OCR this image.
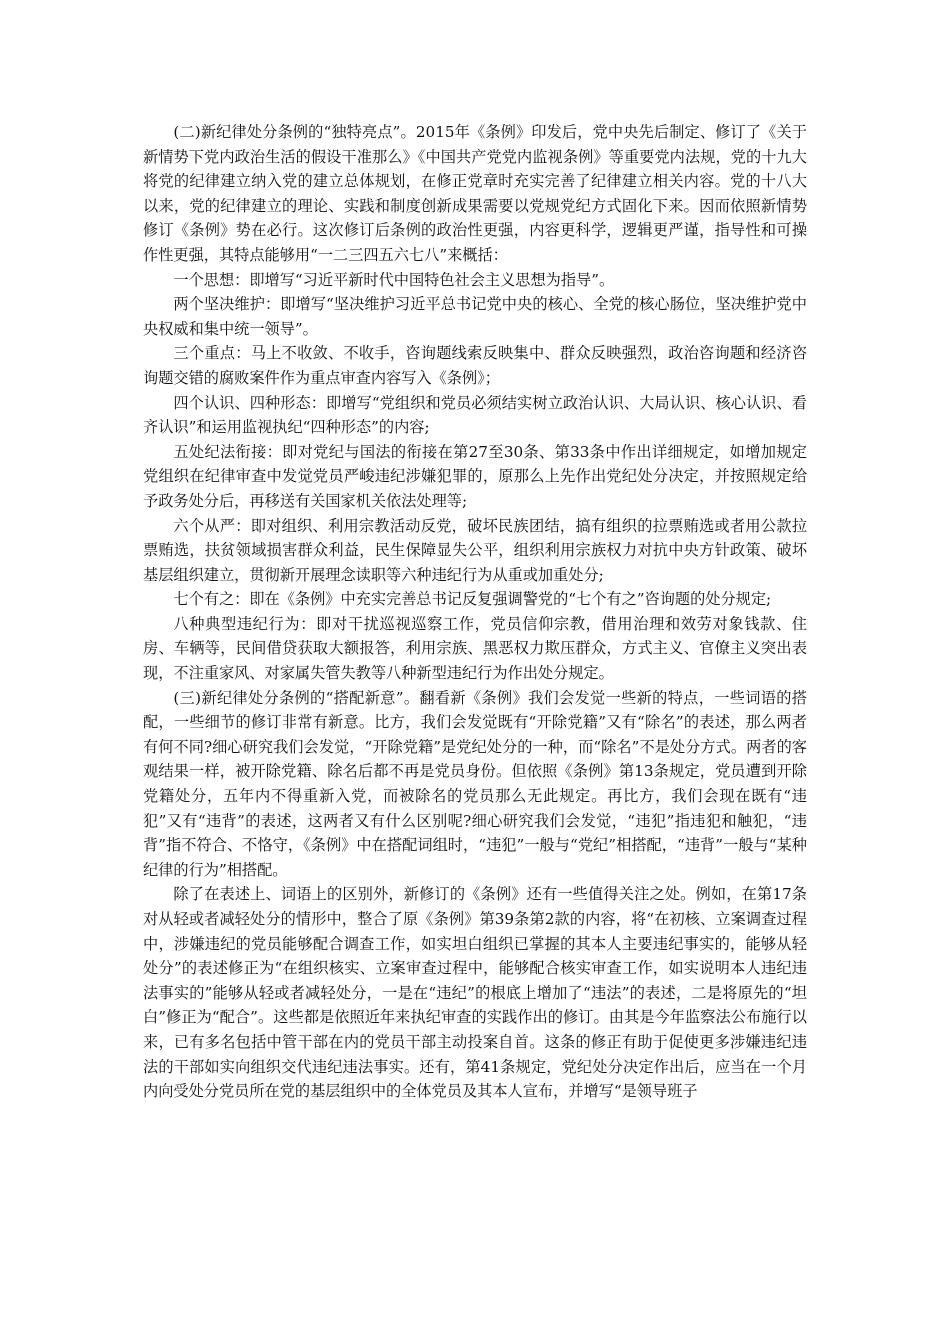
(二)新纪律处分条例的“独特亮点”。2015年《条例》印发后，党中央先后制定、修订了《关于新情势下党内政治生活的假设干准那么》《中国共产党党内监视条例》等重要党内法规，党的十九大将党的纪律建立纳入党的建立总体规划，在修正党章时充实完善了纪律建立相关内容。党的十八大以来，党的纪律建立的理论、实践和制度创新成果需要以党规党纪方式固化下来。因而依照新情势修订《条例》势在必行。这次修订后条例的政治性更强，内容更科学，逻辑更严谨，指导性和可操作性更强，其特点能够用“一二三四五六七八”来概括：

一个思想：即增写“习近平新时代中国特色社会主义思想为指导”。

两个坚决维护：即增写“坚决维护习近平总书记党中央的核心、全党的核心肠位，坚决维护党中央权威和集中统一领导”。

三个重点：马上不收敛、不收手，咨询题线索反映集中、群众反映强烈，政治咨询题和经济咨询题交错的腐败案件作为重点审查内容写入《条例》；

四个认识、四种形态：即增写“党组织和党员必须结实树立政治认识、大局认识、核心认识、看齐认识”和运用监视执纪“四种形态”的内容;

五处纪法衔接：即对党纪与国法的衔接在第27至30条、第33条中作出详细规定，如增加规定党组织在纪律审查中发觉党员严峻违纪涉嫌犯罪的，原那么上先作出党纪处分决定，并按照规定给予政务处分后，再移送有关国家机关依法处理等;

六个从严：即对组织、利用宗教活动反党，破坏民族团结，搞有组织的拉票贿选或者用公款拉票贿选，扶贫领域损害群众利益，民生保障显失公平，组织利用宗族权力对抗中央方针政策、破坏基层组织建立，贯彻新开展理念读职等六种违纪行为从重或加重处分;

七个有之：即在《条例》中充实完善总书记反复强调警党的“七个有之”咨询题的处分规定;

八种典型违纪行为：即对干扰巡视巡察工作，党员信仰宗教，借用治理和效劳对象钱款、住房、车辆等，民间借贷获取大额报答，利用宗族、黑恶权力欺压群众，方式主义、官僚主义突出表现，不注重家风、对家属失管失教等八种新型违纪行为作出处分规定。

(三)新纪律处分条例的“搭配新意”。翻看新《条例》我们会发觉一些新的特点，一些词语的搭配，一些细节的修订非常有新意。比方，我们会发觉既有“开除党籍”又有“除名”的表述，那么两者有何不同?细心研究我们会发觉，“开除党籍”是党纪处分的一种，而“除名”不是处分方式。两者的客观结果一样，被开除党籍、除名后都不再是党员身份。但依照《条例》第13条规定，党员遭到开除党籍处分，五年内不得重新入党，而被除名的党员那么无此规定。再比方，我们会现在既有“违犯”又有“违背”的表述，这两者又有什么区别呢?细心研究我们会发觉，“违犯”指违犯和触犯，“违背”指不符合、不恪守，《条例》中在搭配词组时，“违犯”一般与“党纪”相搭配，“违背”一般与“某种纪律的行为”相搭配。

除了在表述上、词语上的区别外，新修订的《条例》还有一些值得关注之处。例如，在第17条对从轻或者减轻处分的情形中，整合了原《条例》第39条第2款的内容，将“在初核、立案调查过程中，涉嫌违纪的党员能够配合调查工作，如实坦白组织已掌握的其本人主要违纪事实的，能够从轻处分”的表述修正为“在组织核实、立案审查过程中，能够配合核实审查工作，如实说明本人违纪违法事实的”能够从轻或者减轻处分，一是在“违纪”的根底上增加了“违法”的表述，二是将原先的“坦白”修正为“配合”。这些都是依照近年来执纪审查的实践作出的修订。由其是今年监察法公布施行以来，已有多名包括中管干部在内的党员干部主动投案自首。这条的修正有助于促使更多涉嫌违纪违法的干部如实向组织交代违纪违法事实。还有，第41条规定，党纪处分决定作出后，应当在一个月内向受处分党员所在党的基层组织中的全体党员及其本人宣布，并增写“是领导班子
